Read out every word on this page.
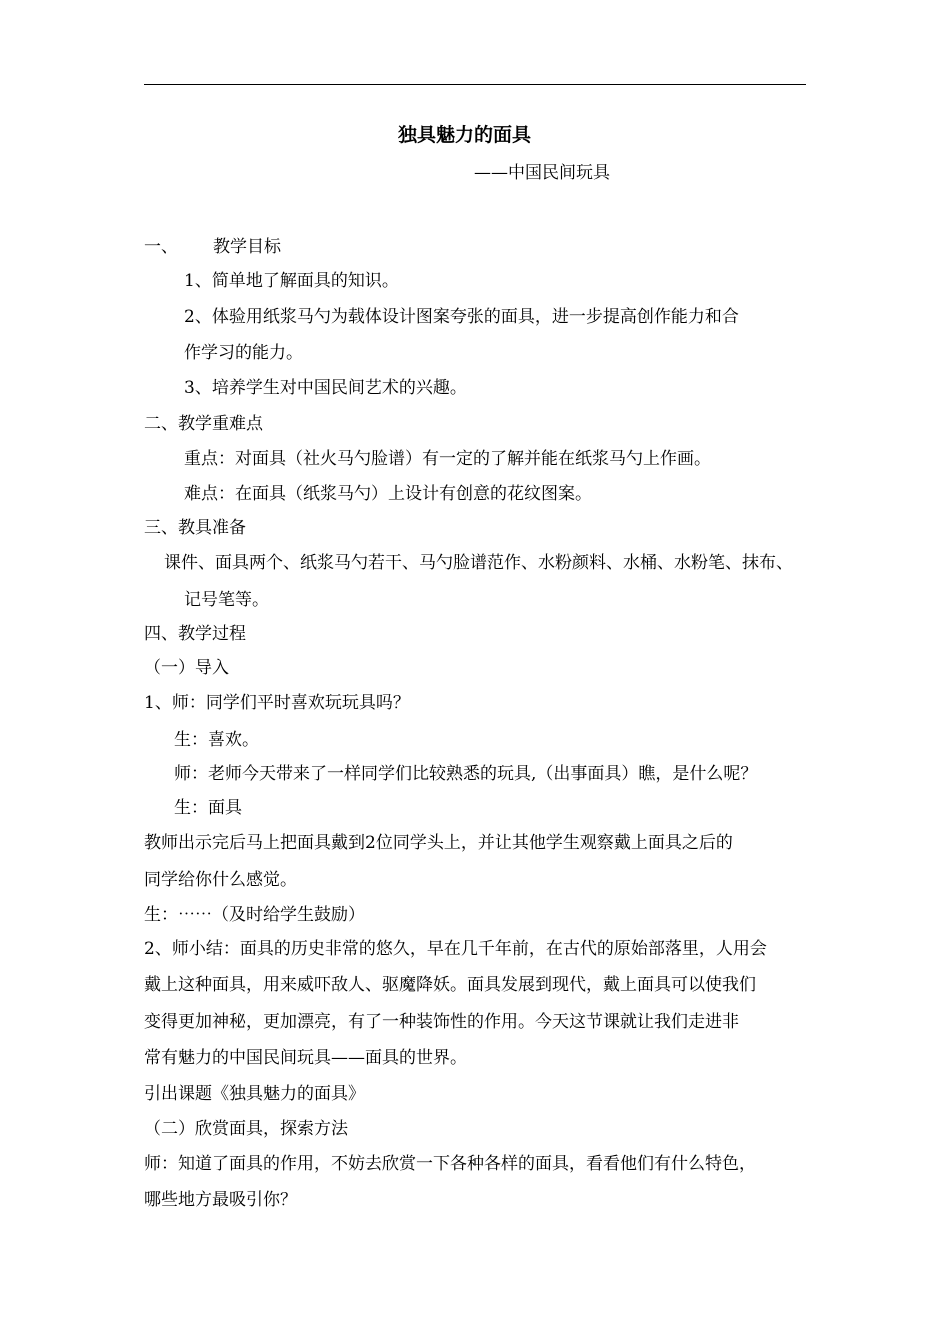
独具魅力的面具
——中国民间玩具
一、 教学目标
1、简单地了解面具的知识。
2、体验用纸浆马勺为载体设计图案夸张的面具，进一步提高创作能力和合
作学习的能力。
3、培养学生对中国民间艺术的兴趣。
二、教学重难点
重点：对面具（社火马勺脸谱）有一定的了解并能在纸浆马勺上作画。
难点：在面具（纸浆马勺）上设计有创意的花纹图案。
三、教具准备
课件、面具两个、纸浆马勺若干、马勺脸谱范作、水粉颜料、水桶、水粉笔、抹布、
记号笔等。
四、教学过程
（一）导入
1、师：同学们平时喜欢玩玩具吗？
生：喜欢。
师：老师今天带来了一样同学们比较熟悉的玩具,（出事面具）瞧，是什么呢？
生：面具
教师出示完后马上把面具戴到2位同学头上，并让其他学生观察戴上面具之后的
同学给你什么感觉。
生：⋯⋯（及时给学生鼓励）
2、师小结：面具的历史非常的悠久，早在几千年前，在古代的原始部落里，人用会
戴上这种面具，用来威吓敌人、驱魔降妖。面具发展到现代，戴上面具可以使我们
变得更加神秘，更加漂亮，有了一种装饰性的作用。今天这节课就让我们走进非
常有魅力的中国民间玩具——面具的世界。
引出课题《独具魅力的面具》
（二）欣赏面具，探索方法
师：知道了面具的作用，不妨去欣赏一下各种各样的面具，看看他们有什么特色，
哪些地方最吸引你？
